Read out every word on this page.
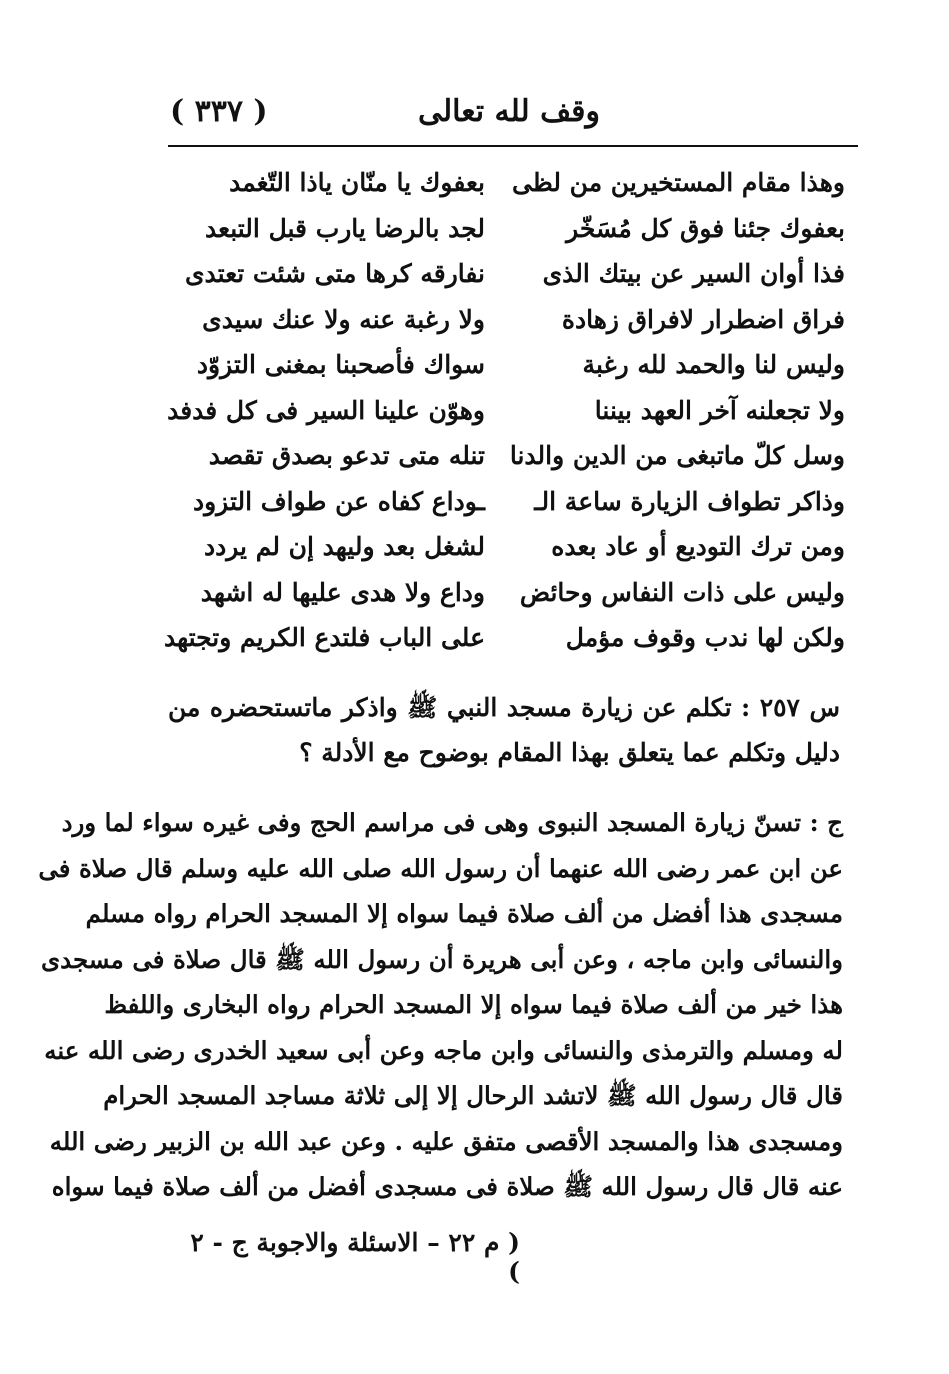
وقف لله تعالى
( ٣٣٧ )
وهذا مقام المستخيرين من لظى
بعفوك يا منّان ياذا التّغمد
بعفوك جئنا فوق كل مُسَخّر
لجد بالرضا يارب قبل التبعد
فذا أوان السير عن بيتك الذى
نفارقه كرها متى شئت تعتدى
فراق اضطرار لافراق زهادة
ولا رغبة عنه ولا عنك سيدى
وليس لنا والحمد لله رغبة
سواك فأصحبنا بمغنى التزوّد
ولا تجعلنه آخر العهد بيننا
وهوّن علينا السير فى كل فدفد
وسل كلّ ماتبغى من الدين والدنا
تنله متى تدعو بصدق تقصد
وذاكر تطواف الزيارة ساعة الـ
ـوداع كفاه عن طواف التزود
ومن ترك التوديع أو عاد بعده
لشغل بعد وليهد إن لم يردد
وليس على ذات النفاس وحائض
وداع ولا هدى عليها له اشهد
ولكن لها ندب وقوف مؤمل
على الباب فلتدع الكريم وتجتهد
س ٢٥٧ : تكلم عن زيارة مسجد النبي ﷺ واذكر ماتستحضره من دليل وتكلم عما يتعلق بهذا المقام بوضوح مع الأدلة ؟
ج : تسنّ زيارة المسجد النبوى وهى فى مراسم الحج وفى غيره سواء لما ورد
عن ابن عمر رضى الله عنهما أن رسول الله صلى الله عليه وسلم قال صلاة فى
مسجدى هذا أفضل من ألف صلاة فيما سواه إلا المسجد الحرام رواه مسلم
والنسائى وابن ماجه ، وعن أبى هريرة أن رسول الله ﷺ قال صلاة فى مسجدى
هذا خير من ألف صلاة فيما سواه إلا المسجد الحرام رواه البخارى واللفظ
له ومسلم والترمذى والنسائى وابن ماجه وعن أبى سعيد الخدرى رضى الله عنه
قال قال رسول الله ﷺ لاتشد الرحال إلا إلى ثلاثة مساجد المسجد الحرام
ومسجدى هذا والمسجد الأقصى متفق عليه . وعن عبد الله بن الزبير رضى الله
عنه قال قال رسول الله ﷺ صلاة فى مسجدى أفضل من ألف صلاة فيما سواه
( م ٢٢ – الاسئلة والاجوبة ج - ٢ )
